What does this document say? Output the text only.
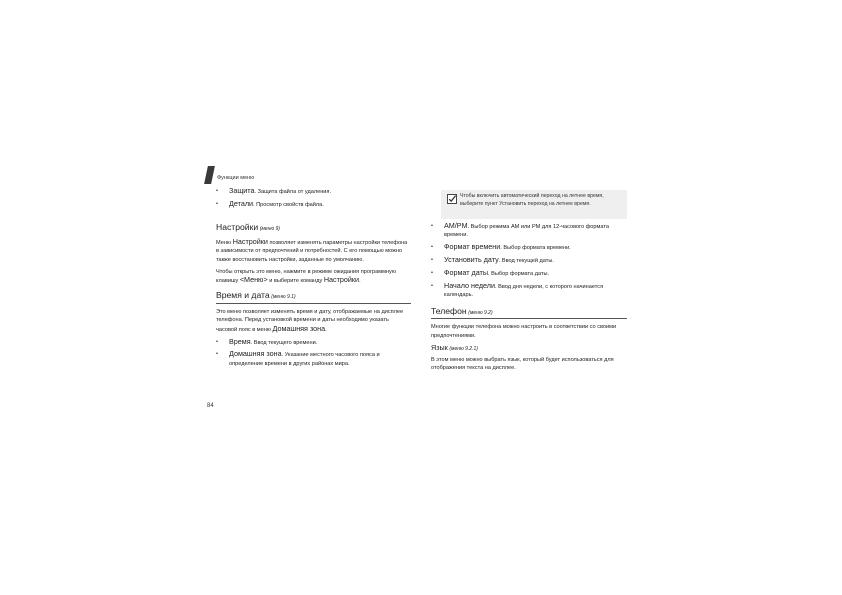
Функции меню
• Защита. Защита файла от удаления.
• Детали. Просмотр свойств файла.
Настройки (меню 9)

Меню Настройки позволяет изменять параметры настройки телефона в зависимости от предпочтений и потребностей. С его помощью можно также восстановить настройки, заданные по умолчанию.

Чтобы открыть это меню, нажмите в режиме ожидания программную клавишу <Меню> и выберите команду Настройки.

Время и дата (меню 9.1)

Это меню позволяет изменять время и дату, отображаемые на дисплее телефона. Перед установкой времени и даты необходимо указать часовой пояс в меню Домашняя зона.

• Время. Ввод текущего времени.
• Домашняя зона. Указание местного часового пояса и определение времени в других районах мира.
84
Чтобы включить автоматический переход на летнее время, выберите пункт Установить переход на летнее время.
• AM/PM. Выбор режима AM или PM для 12-часового формата времени.
• Формат времени. Выбор формата времени.
• Установить дату. Ввод текущей даты.
• Формат даты. Выбор формата даты.
• Начало недели. Ввод дня недели, с которого начинается календарь.
Телефон (меню 9.2)

Многие функции телефона можно настроить в соответствии со своими предпочтениями.

Язык (меню 9.2.1)

В этом меню можно выбрать язык, который будет использоваться для отображения текста на дисплее.
